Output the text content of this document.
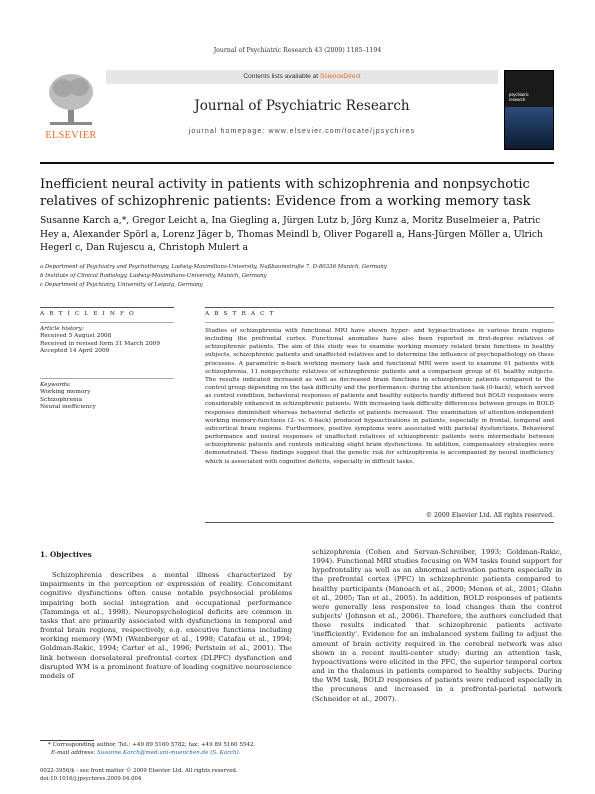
Journal of Psychiatric Research 43 (2009) 1185–1194
ELSEVIER
Contents lists available at ScienceDirect
Journal of Psychiatric Research
journal homepage: www.elsevier.com/locate/jpsychires
psychiatric
research
Inefficient neural activity in patients with schizophrenia and nonpsychotic relatives of schizophrenic patients: Evidence from a working memory task
Susanne Karch a,*, Gregor Leicht a, Ina Giegling a, Jürgen Lutz b, Jörg Kunz a, Moritz Buselmeier a, Patric Hey a, Alexander Spörl a, Lorenz Jäger b, Thomas Meindl b, Oliver Pogarell a, Hans-Jürgen Möller a, Ulrich Hegerl c, Dan Rujescu a, Christoph Mulert a
a Department of Psychiatry and Psychotherapy, Ludwig-Maximilians-University, Nußbaumstraße 7, D-80336 Munich, Germany
b Institute of Clinical Radiology, Ludwig-Maximilians-University, Munich, Germany
c Department of Psychiatry, University of Leipzig, Germany
A R T I C L E I N F O	A B S T R A C T
Article history:
Received 5 August 2008
Received in revised form 31 March 2009
Accepted 14 April 2009
Keywords:
Working memory
Schizophrenia
Neural inefficiency
Studies of schizophrenia with functional MRI have shown hyper- and hypoactivations in various brain regions including the prefrontal cortex. Functional anomalies have also been reported in first-degree relatives of schizophrenic patients. The aim of this study was to examine working memory related brain functions in healthy subjects, schizophrenic patients and unaffected relatives and to determine the influence of psychopathology on these processes. A parametric n-back working memory task and functional MRI were used to examine 61 patients with schizophrenia, 11 nonpsychotic relatives of schizophrenic patients and a comparison group of 61 healthy subjects. The results indicated increased as well as decreased brain functions in schizophrenic patients compared to the control group depending on the task difficulty and the performance: during the attention task (0-back), which served as control condition, behavioral responses of patients and healthy subjects hardly differed but BOLD responses were considerably enhanced in schizophrenic patients. With increasing task difficulty differences between groups in BOLD responses diminished whereas behavioral deficits of patients increased. The examination of attention-independent working memory-functions (2- vs. 0-back) produced hypoactivations in patients, especially in frontal, temporal and subcortical brain regions. Furthermore, positive symptoms were associated with parietal dysfunctions. Behavioral performance and neural responses of unaffected relatives of schizophrenic patients were intermediate between schizophrenic patients and controls indicating slight brain dysfunctions. In addition, compensatory strategies were demonstrated. These findings suggest that the genetic risk for schizophrenia is accompanied by neural inefficiency which is associated with cognitive deficits, especially in difficult tasks.
© 2009 Elsevier Ltd. All rights reserved.
1. Objectives

Schizophrenia describes a mental illness characterized by impairments in the perception or expression of reality. Concomitant cognitive dysfunctions often cause notable psychosocial problems impairing both social integration and occupational performance (Tamminga et al., 1998). Neuropsychological deficits are common in tasks that are primarily associated with dysfunctions in temporal and frontal brain regions, respectively, e.g. executive functions including working memory (WM) (Weinberger et al., 1998; Catafau et al., 1994; Goldman-Rakic, 1994; Carter et al., 1996; Perlstein et al., 2001). The link between dorsolateral prefrontal cortex (DLPFC) dysfunction and disrupted WM is a prominent feature of leading cognitive neuroscience models of

schizophrenia (Cohen and Servan-Schreiber, 1993; Goldman-Rakic, 1994). Functional MRI studies focusing on WM tasks found support for hypofrontality as well as an abnormal activation pattern especially in the prefrontal cortex (PFC) in schizophrenic patients compared to healthy participants (Manoach et al., 2000; Menon et al., 2001; Glahn et al., 2005; Tan et al., 2005). In addition, BOLD responses of patients were generally less responsive to load changes than the control subjects' (Johnson et al., 2006). Therefore, the authors concluded that these results indicated that schizophrenic patients activate 'inefficiently'. Evidence for an imbalanced system failing to adjust the amount of brain activity required in the cerebral network was also shown in a recent multi-center study: during an attention task, hypoactivations were elicited in the PFC, the superior temporal cortex and in the thalamus in patients compared to healthy subjects. During the WM task, BOLD responses of patients were reduced especially in the precuneus and increased in a prefrontal-parietal network (Schneider et al., 2007).

* Corresponding author. Tel.: +49 89 5160 5782; fax: +49 89 5160 5542.
E-mail address: Susanne.Karch@med.uni-muenchen.de (S. Karch).
0022-3956/$ - see front matter © 2009 Elsevier Ltd. All rights reserved.
doi:10.1016/j.jpsychires.2009.04.004
